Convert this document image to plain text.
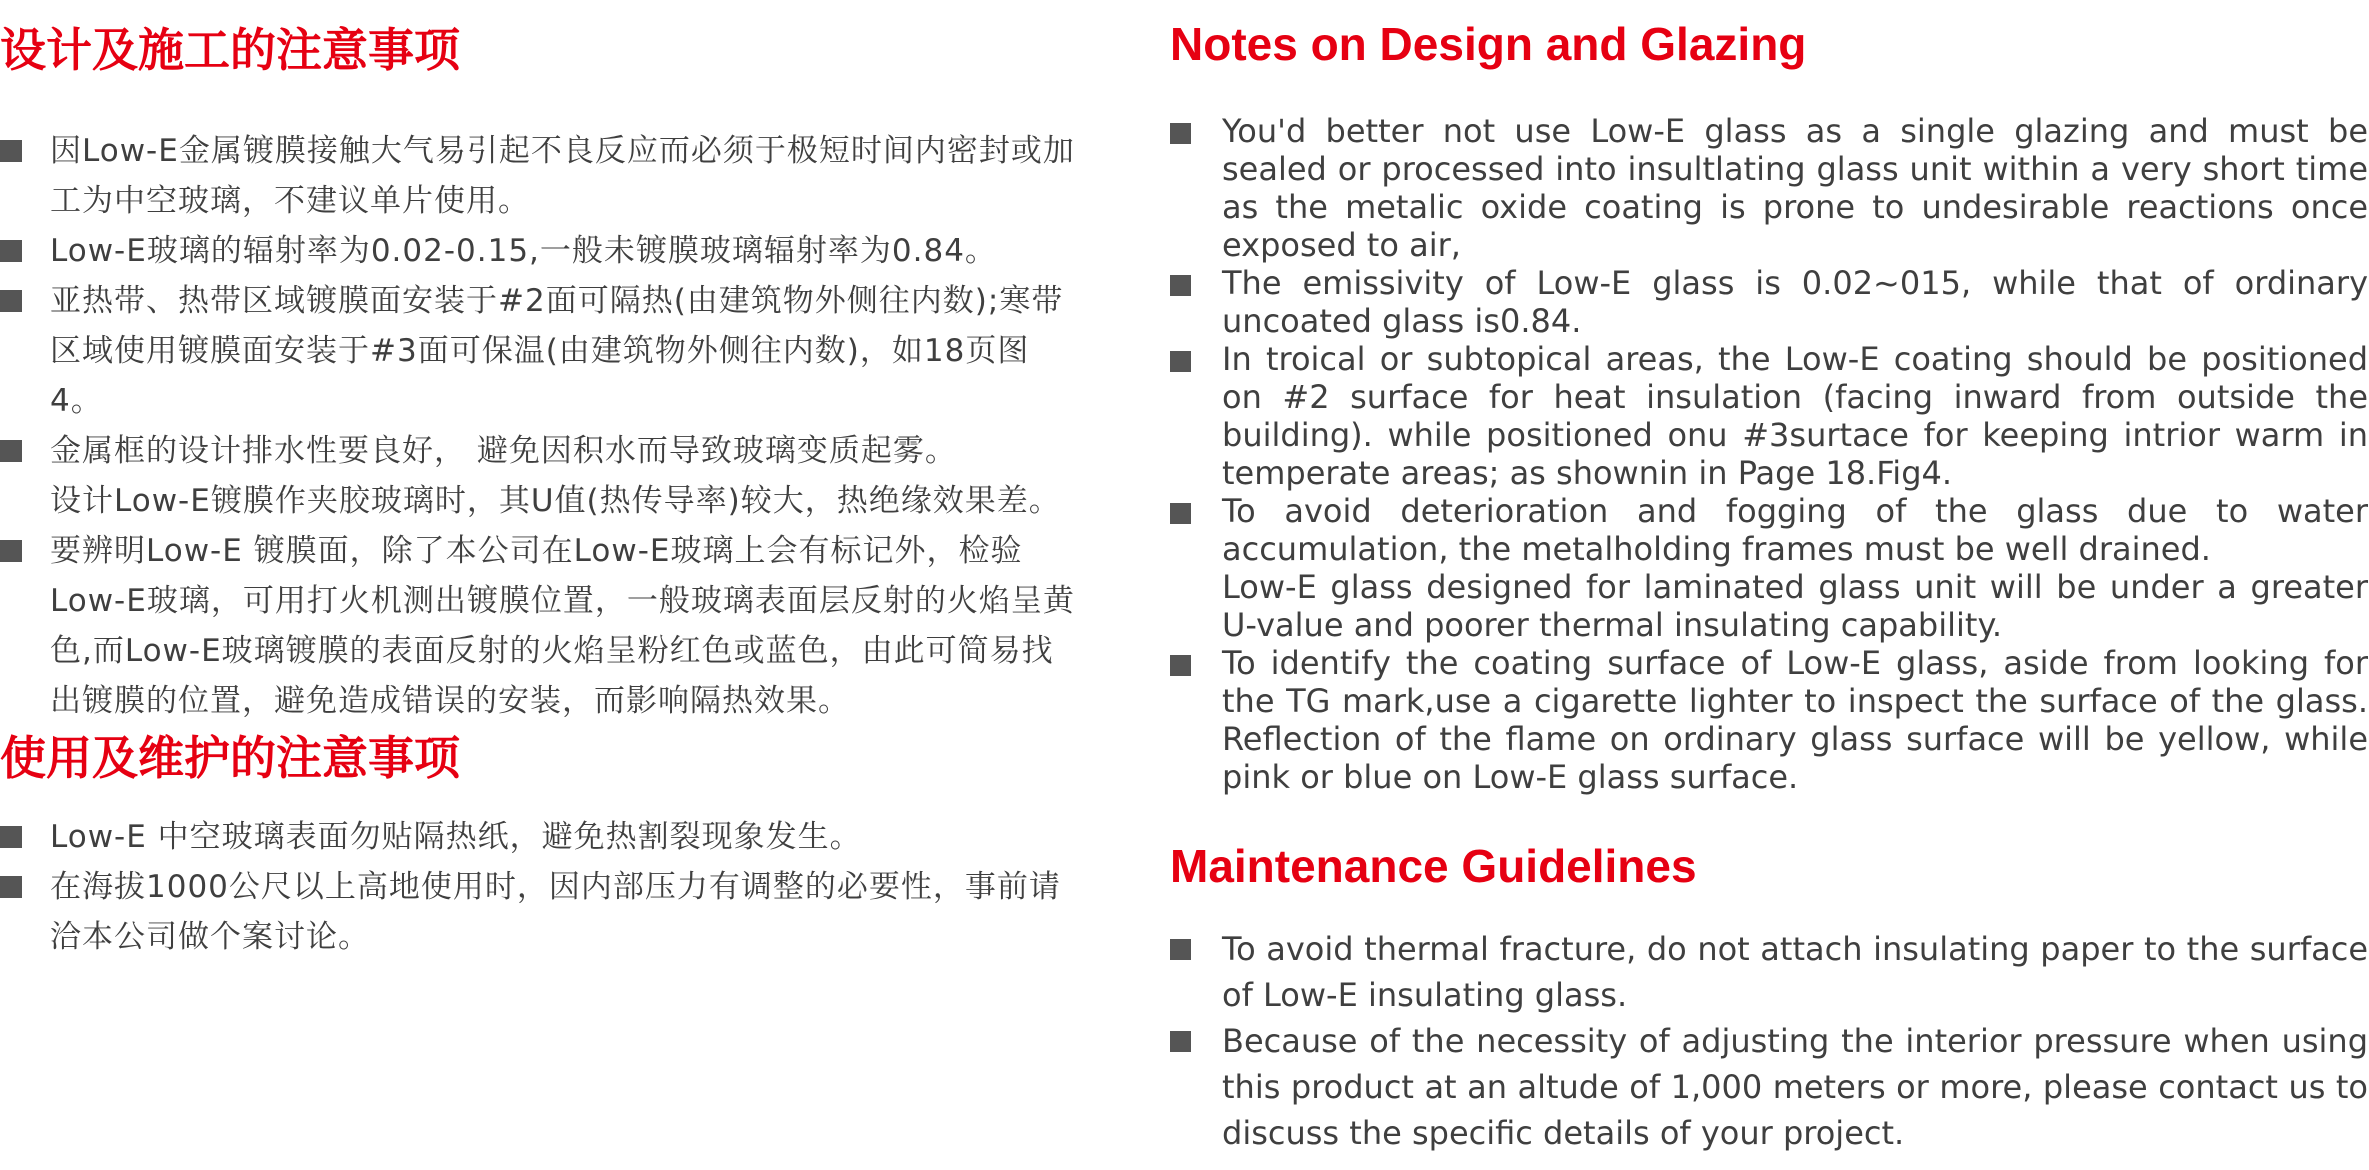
设计及施工的注意事项
因Low-E金属镀膜接触大气易引起不良反应而必须于极短时间内密封或加工为中空玻璃，不建议单片使用。
Low-E玻璃的辐射率为0.02-0.15,一般未镀膜玻璃辐射率为0.84。
亚热带、热带区域镀膜面安装于#2面可隔热(由建筑物外侧往内数);寒带区域使用镀膜面安装于#3面可保温(由建筑物外侧往内数)，如18页图4。
金属框的设计排水性要良好， 避免因积水而导致玻璃变质起雾。
设计Low-E镀膜作夹胶玻璃时，其U值(热传导率)较大，热绝缘效果差。
要辨明Low-E 镀膜面，除了本公司在Low-E玻璃上会有标记外，检验Low-E玻璃，可用打火机测出镀膜位置，一般玻璃表面层反射的火焰呈黄色,而Low-E玻璃镀膜的表面反射的火焰呈粉红色或蓝色，由此可简易找出镀膜的位置，避免造成错误的安装，而影响隔热效果。
使用及维护的注意事项
Low-E 中空玻璃表面勿贴隔热纸，避免热割裂现象发生。
在海拔1000公尺以上高地使用时，因内部压力有调整的必要性，事前请洽本公司做个案讨论。
Notes on Design and Glazing
You'd better not use Low-E glass as a single glazing and must be sealed or processed into insultlating glass unit within a very short time as the metalic oxide coating is prone to undesirable reactions once exposed to air,
The emissivity of Low-E glass is 0.02~015, while that of ordinary uncoated glass is0.84.
In troical or subtopical areas, the Low-E coating should be positioned on #2 surface for heat insulation (facing inward from outside the building). while positioned onu #3surtace for keeping intrior warm in temperate areas; as shownin in Page 18.Fig4.
To avoid deterioration and fogging of the glass due to water accumulation, the metalholding frames must be well drained.
Low-E glass designed for laminated glass unit will be under a greater U-value and poorer thermal insulating capability.
To identify the coating surface of Low-E glass, aside from looking for the TG mark,use a cigarette lighter to inspect the surface of the glass. Reflection of the flame on ordinary glass surface will be yellow, while pink or blue on Low-E glass surface.
Maintenance Guidelines
To avoid thermal fracture, do not attach insulating paper to the surface of Low-E insulating glass.
Because of the necessity of adjusting the interior pressure when using this product at an altude of 1,000 meters or more, please contact us to discuss the specific details of your project.
